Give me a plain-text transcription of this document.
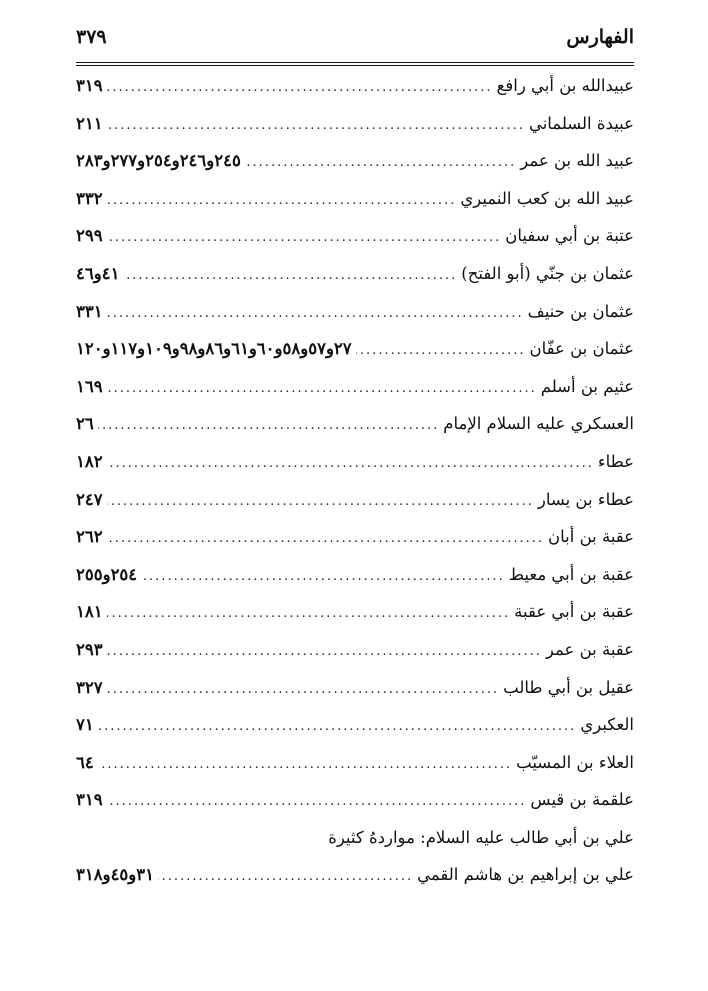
الفهارس
٣٧٩
عبيدالله بن أبي رافع
.....
٣١٩
عبيدة السلماني
.....
٢١١
عبيد الله بن عمر
.....
٢٤٥و٢٤٦و٢٥٤و٢٧٧و٢٨٣
عبيد الله بن كعب النميري
.....
٣٣٢
عتبة بن أبي سفيان
.....
٢٩٩
عثمان بن جنّي (أبو الفتح)
.....
٤١و٤٦
عثمان بن حنيف
.....
٣٣١
عثمان بن عفّان
.....
٢٧و٥٧و٥٨و٦٠و٦١و٨٦و٩٨و١٠٩و١١٧و١٢٠
عثيم بن أسلم
.....
١٦٩
العسكري عليه السلام الإمام
.....
٢٦
عطاء
.....
١٨٢
عطاء بن يسار
.....
٢٤٧
عقبة بن أبان
.....
٢٦٢
عقبة بن أبي معيط
.....
٢٥٤و٢٥٥
عقبة بن أبي عقبة
.....
١٨١
عقبة بن عمر
.....
٢٩٣
عقيل بن أبي طالب
.....
٣٢٧
العكبري
.....
٧١
العلاء بن المسيّب
.....
٦٤
علقمة بن قيس
.....
٣١٩
علي بن أبي طالب عليه السلام: مواردهُ كثيرة
علي بن إبراهيم بن هاشم القمي
.....
٣١و٤٥و٣١٨
